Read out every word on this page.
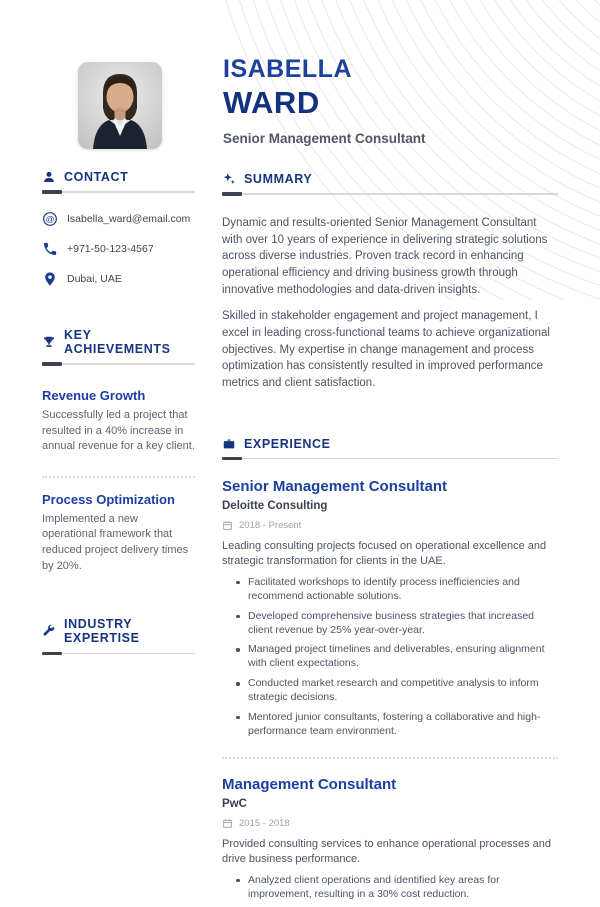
ISABELLA
WARD
Senior Management Consultant
CONTACT
@ Isabella_ward@email.com
+971-50-123-4567
Dubai, UAE
KEY ACHIEVEMENTS
Revenue Growth

Successfully led a project that resulted in a 40% increase in annual revenue for a key client.

Process Optimization

Implemented a new operational framework that reduced project delivery times by 20%.

INDUSTRY EXPERTISE
SUMMARY

Dynamic and results-oriented Senior Management Consultant with over 10 years of experience in delivering strategic solutions across diverse industries. Proven track record in enhancing operational efficiency and driving business growth through innovative methodologies and data-driven insights.

Skilled in stakeholder engagement and project management, I excel in leading cross-functional teams to achieve organizational objectives. My expertise in change management and process optimization has consistently resulted in improved performance metrics and client satisfaction.

EXPERIENCE
Senior Management Consultant
Deloitte Consulting
2018 - Present

Leading consulting projects focused on operational excellence and strategic transformation for clients in the UAE.

Facilitated workshops to identify process inefficiencies and recommend actionable solutions.
Developed comprehensive business strategies that increased client revenue by 25% year-over-year.
Managed project timelines and deliverables, ensuring alignment with client expectations.
Conducted market research and competitive analysis to inform strategic decisions.
Mentored junior consultants, fostering a collaborative and high-performance team environment.
Management Consultant
PwC
2015 - 2018

Provided consulting services to enhance operational processes and drive business performance.

Analyzed client operations and identified key areas for improvement, resulting in a 30% cost reduction.
